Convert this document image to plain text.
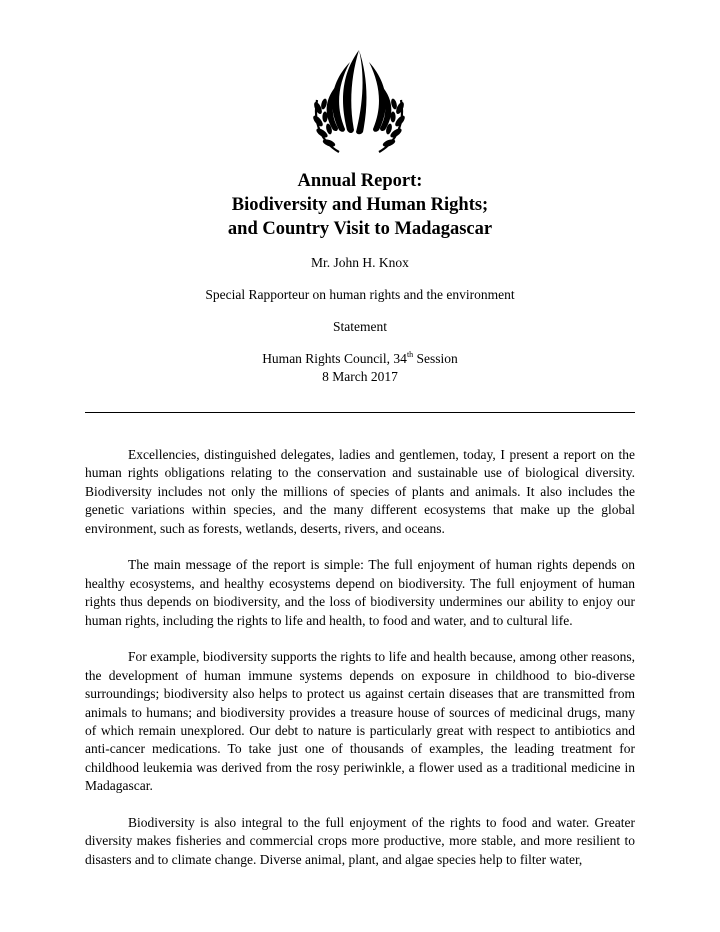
Annual Report:
Biodiversity and Human Rights;
and Country Visit to Madagascar
Mr. John H. Knox
Special Rapporteur on human rights and the environment
Statement
Human Rights Council, 34th Session
8 March 2017

Excellencies, distinguished delegates, ladies and gentlemen, today, I present a report on the human rights obligations relating to the conservation and sustainable use of biological diversity. Biodiversity includes not only the millions of species of plants and animals. It also includes the genetic variations within species, and the many different ecosystems that make up the global environment, such as forests, wetlands, deserts, rivers, and oceans.

The main message of the report is simple: The full enjoyment of human rights depends on healthy ecosystems, and healthy ecosystems depend on biodiversity. The full enjoyment of human rights thus depends on biodiversity, and the loss of biodiversity undermines our ability to enjoy our human rights, including the rights to life and health, to food and water, and to cultural life.

For example, biodiversity supports the rights to life and health because, among other reasons, the development of human immune systems depends on exposure in childhood to bio-diverse surroundings; biodiversity also helps to protect us against certain diseases that are transmitted from animals to humans; and biodiversity provides a treasure house of sources of medicinal drugs, many of which remain unexplored. Our debt to nature is particularly great with respect to antibiotics and anti-cancer medications. To take just one of thousands of examples, the leading treatment for childhood leukemia was derived from the rosy periwinkle, a flower used as a traditional medicine in Madagascar.

Biodiversity is also integral to the full enjoyment of the rights to food and water. Greater diversity makes fisheries and commercial crops more productive, more stable, and more resilient to disasters and to climate change. Diverse animal, plant, and algae species help to filter water,
